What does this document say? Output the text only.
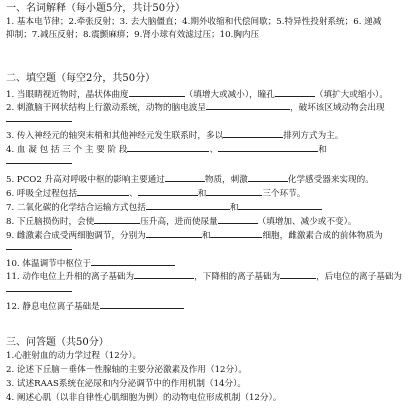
一、名词解释（每小题5分，共计50分）
1. 基本电节律；2.牵张反射；3. 去大脑僵直；4.期外收缩和代偿间歇；5.特异性投射系统；6. 递减
抑制；7.减压反射；8.震颤麻痹；9.肾小球有效滤过压；10.胸内压
二、填空题（每空2分，共50分）
1. 当眼睛视近物时，晶状体曲度	（填增大或减小），瞳孔	（填扩大或缩小）。
2. 刺激脑干网状结构上行激动系统，动物的脑电波呈	，破坏该区域动物会出现
3. 传入神经元的轴突末梢和其他神经元发生联系时，多以	排列方式为主。
4. 血 凝 包 括 三 个 主 要 阶 段	、	和
5. PCO2 升高对呼吸中枢的影响主要通过	物质，刺激	化学感受器来实现的。
6. 呼吸全过程包括	、	和	三个环节。
7. 二氧化碳的化学结合运输方式包括	和
8. 下丘脑损伤时，会使	压升高，进而使尿量	（填增加、减少或不变）。
9. 雌激素合成受两细胞调节，分别为	和	细胞，雌激素合成的前体物质为
10. 体温调节中枢位于
11. 动作电位上升相的离子基础为	，下降相的离子基础为	，后电位的离子基础为
12. 静息电位离子基础是
三、问答题（共50分）
1.心脏射血的动力学过程（12分）。
2. 论述下丘脑－垂体－性腺轴的主要分泌激素及作用（12分）。
3. 试述RAAS系统在泌尿和内分泌调节中的作用机制（14分）。
4. 阐述心肌（以非自律性心肌细胞为例）的动物电位形成机制（12分）。
